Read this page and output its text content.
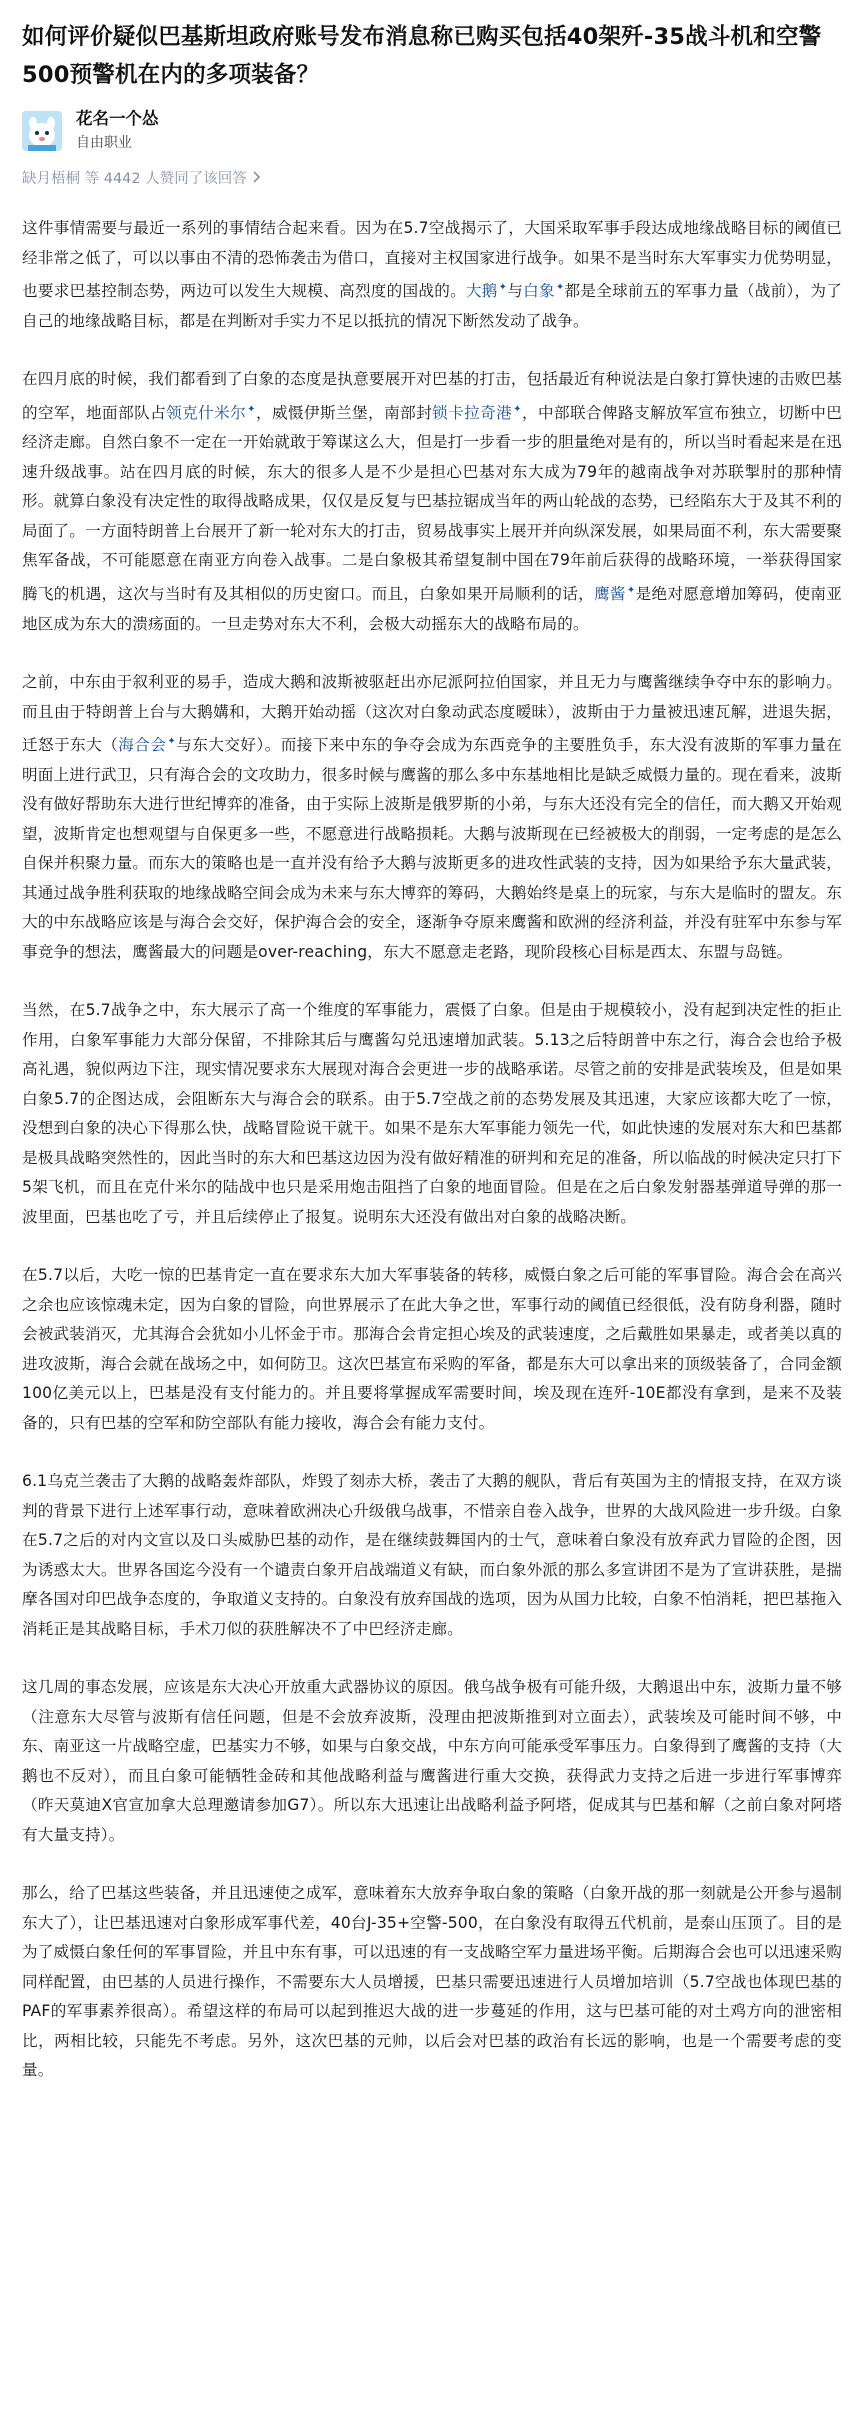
如何评价疑似巴基斯坦政府账号发布消息称已购买包括40架歼-35战斗机和空警500预警机在内的多项装备？
花名一个怂
自由职业
缺月梧桐 等 4442 人赞同了该回答

这件事情需要与最近一系列的事情结合起来看。因为在5.7空战揭示了，大国采取军事手段达成地缘战略目标的阈值已经非常之低了，可以以事由不清的恐怖袭击为借口，直接对主权国家进行战争。如果不是当时东大军事实力优势明显，也要求巴基控制态势，两边可以发生大规模、高烈度的国战的。大鹅✦与白象✦都是全球前五的军事力量（战前），为了自己的地缘战略目标，都是在判断对手实力不足以抵抗的情况下断然发动了战争。

在四月底的时候，我们都看到了白象的态度是执意要展开对巴基的打击，包括最近有种说法是白象打算快速的击败巴基的空军，地面部队占领克什米尔✦，威慑伊斯兰堡，南部封锁卡拉奇港✦，中部联合俾路支解放军宣布独立，切断中巴经济走廊。自然白象不一定在一开始就敢于筹谋这么大，但是打一步看一步的胆量绝对是有的，所以当时看起来是在迅速升级战事。站在四月底的时候，东大的很多人是不少是担心巴基对东大成为79年的越南战争对苏联掣肘的那种情形。就算白象没有决定性的取得战略成果，仅仅是反复与巴基拉锯成当年的两山轮战的态势，已经陷东大于及其不利的局面了。一方面特朗普上台展开了新一轮对东大的打击，贸易战事实上展开并向纵深发展，如果局面不利，东大需要聚焦军备战，不可能愿意在南亚方向卷入战事。二是白象极其希望复制中国在79年前后获得的战略环境，一举获得国家腾飞的机遇，这次与当时有及其相似的历史窗口。而且，白象如果开局顺利的话，鹰酱✦是绝对愿意增加筹码，使南亚地区成为东大的溃疡面的。一旦走势对东大不利，会极大动摇东大的战略布局的。

之前，中东由于叙利亚的易手，造成大鹅和波斯被驱赶出亦尼派阿拉伯国家，并且无力与鹰酱继续争夺中东的影响力。而且由于特朗普上台与大鹅媾和，大鹅开始动摇（这次对白象动武态度暧昧），波斯由于力量被迅速瓦解，进退失据，迁怒于东大（海合会✦与东大交好）。而接下来中东的争夺会成为东西竞争的主要胜负手，东大没有波斯的军事力量在明面上进行武卫，只有海合会的文攻助力，很多时候与鹰酱的那么多中东基地相比是缺乏威慑力量的。现在看来，波斯没有做好帮助东大进行世纪博弈的准备，由于实际上波斯是俄罗斯的小弟，与东大还没有完全的信任，而大鹅又开始观望，波斯肯定也想观望与自保更多一些，不愿意进行战略损耗。大鹅与波斯现在已经被极大的削弱，一定考虑的是怎么自保并积聚力量。而东大的策略也是一直并没有给予大鹅与波斯更多的进攻性武装的支持，因为如果给予东大量武装，其通过战争胜利获取的地缘战略空间会成为未来与东大博弈的筹码，大鹅始终是桌上的玩家，与东大是临时的盟友。东大的中东战略应该是与海合会交好，保护海合会的安全，逐渐争夺原来鹰酱和欧洲的经济利益，并没有驻军中东参与军事竞争的想法，鹰酱最大的问题是over-reaching，东大不愿意走老路，现阶段核心目标是西太、东盟与岛链。

当然，在5.7战争之中，东大展示了高一个维度的军事能力，震慑了白象。但是由于规模较小，没有起到决定性的拒止作用，白象军事能力大部分保留，不排除其后与鹰酱勾兑迅速增加武装。5.13之后特朗普中东之行，海合会也给予极高礼遇，貌似两边下注，现实情况要求东大展现对海合会更进一步的战略承诺。尽管之前的安排是武装埃及，但是如果白象5.7的企图达成，会阻断东大与海合会的联系。由于5.7空战之前的态势发展及其迅速，大家应该都大吃了一惊，没想到白象的决心下得那么快，战略冒险说干就干。如果不是东大军事能力领先一代，如此快速的发展对东大和巴基都是极具战略突然性的，因此当时的东大和巴基这边因为没有做好精准的研判和充足的准备，所以临战的时候决定只打下5架飞机，而且在克什米尔的陆战中也只是采用炮击阻挡了白象的地面冒险。但是在之后白象发射器基弹道导弹的那一波里面，巴基也吃了亏，并且后续停止了报复。说明东大还没有做出对白象的战略决断。

在5.7以后，大吃一惊的巴基肯定一直在要求东大加大军事装备的转移，威慑白象之后可能的军事冒险。海合会在高兴之余也应该惊魂未定，因为白象的冒险，向世界展示了在此大争之世，军事行动的阈值已经很低，没有防身利器，随时会被武装消灭，尤其海合会犹如小儿怀金于市。那海合会肯定担心埃及的武装速度，之后戴胜如果暴走，或者美以真的进攻波斯，海合会就在战场之中，如何防卫。这次巴基宣布采购的军备，都是东大可以拿出来的顶级装备了，合同金额100亿美元以上，巴基是没有支付能力的。并且要将掌握成军需要时间，埃及现在连歼-10E都没有拿到，是来不及装备的，只有巴基的空军和防空部队有能力接收，海合会有能力支付。

6.1乌克兰袭击了大鹅的战略轰炸部队，炸毁了刻赤大桥，袭击了大鹅的舰队，背后有英国为主的情报支持，在双方谈判的背景下进行上述军事行动，意味着欧洲决心升级俄乌战事，不惜亲自卷入战争，世界的大战风险进一步升级。白象在5.7之后的对内文宣以及口头威胁巴基的动作，是在继续鼓舞国内的士气，意味着白象没有放弃武力冒险的企图，因为诱惑太大。世界各国迄今没有一个谴责白象开启战端道义有缺，而白象外派的那么多宣讲团不是为了宣讲获胜，是揣摩各国对印巴战争态度的，争取道义支持的。白象没有放弃国战的选项，因为从国力比较，白象不怕消耗，把巴基拖入消耗正是其战略目标，手术刀似的获胜解决不了中巴经济走廊。

这几周的事态发展，应该是东大决心开放重大武器协议的原因。俄乌战争极有可能升级，大鹅退出中东，波斯力量不够（注意东大尽管与波斯有信任问题，但是不会放弃波斯，没理由把波斯推到对立面去），武装埃及可能时间不够，中东、南亚这一片战略空虚，巴基实力不够，如果与白象交战，中东方向可能承受军事压力。白象得到了鹰酱的支持（大鹅也不反对），而且白象可能牺牲金砖和其他战略利益与鹰酱进行重大交换，获得武力支持之后进一步进行军事博弈（昨天莫迪X官宣加拿大总理邀请参加G7）。所以东大迅速让出战略利益予阿塔，促成其与巴基和解（之前白象对阿塔有大量支持）。

那么，给了巴基这些装备，并且迅速使之成军，意味着东大放弃争取白象的策略（白象开战的那一刻就是公开参与遏制东大了），让巴基迅速对白象形成军事代差，40台J-35+空警-500，在白象没有取得五代机前，是泰山压顶了。目的是为了威慑白象任何的军事冒险，并且中东有事，可以迅速的有一支战略空军力量进场平衡。后期海合会也可以迅速采购同样配置，由巴基的人员进行操作，不需要东大人员增援，巴基只需要迅速进行人员增加培训（5.7空战也体现巴基的PAF的军事素养很高）。希望这样的布局可以起到推迟大战的进一步蔓延的作用，这与巴基可能的对土鸡方向的泄密相比，两相比较，只能先不考虑。另外，这次巴基的元帅，以后会对巴基的政治有长远的影响，也是一个需要考虑的变量。
